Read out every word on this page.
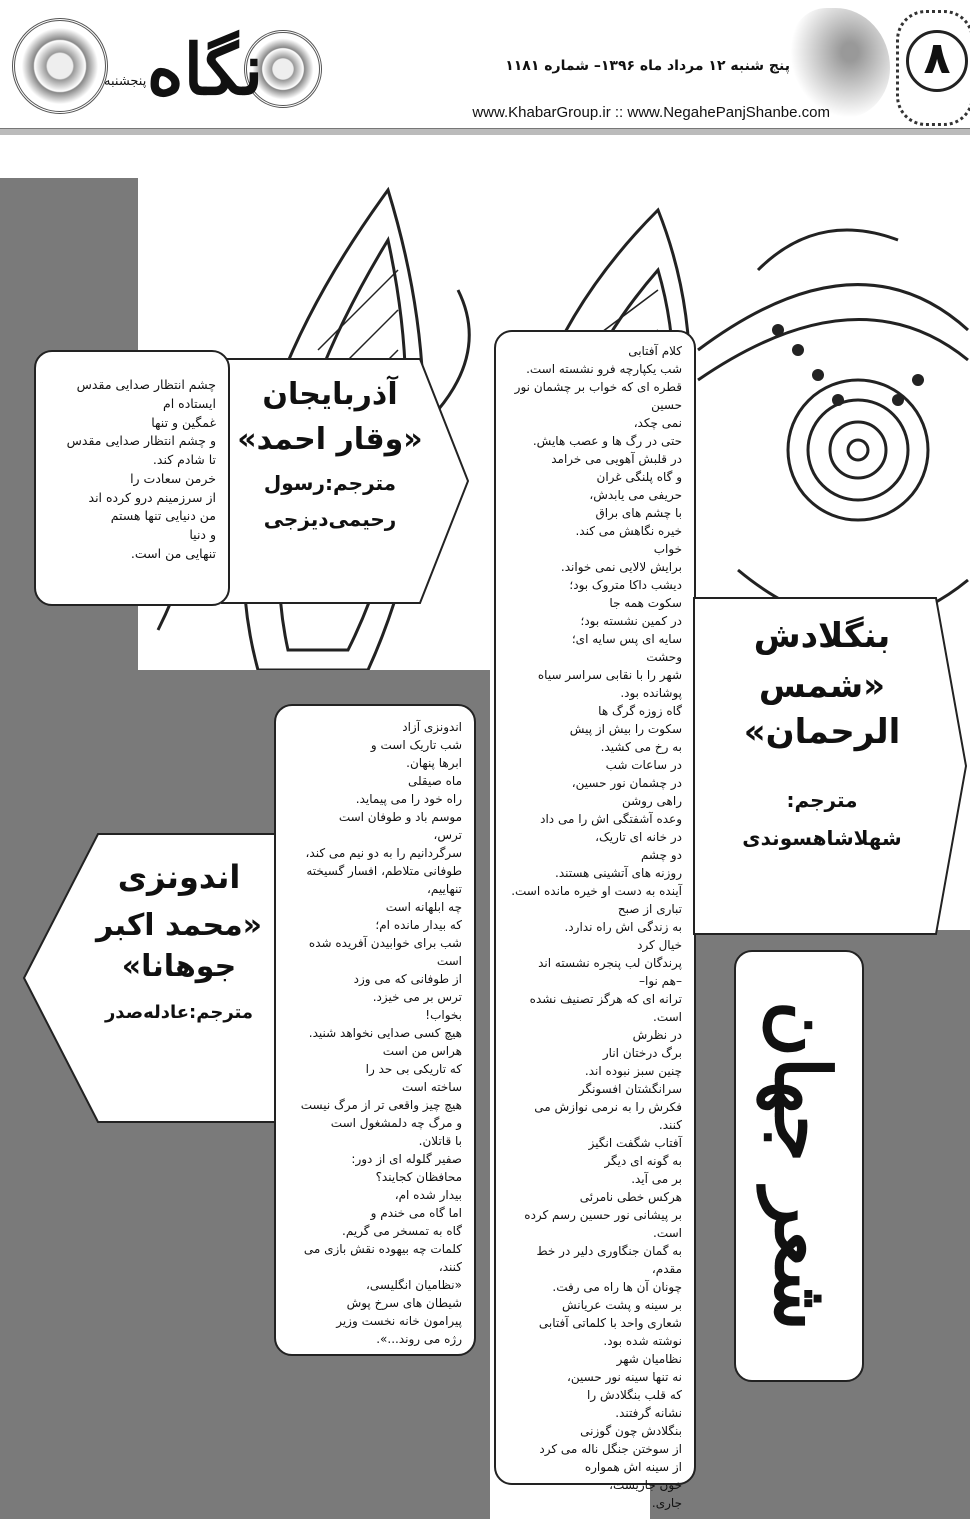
۸
نگاه
پنجشنبه
پنج شنبه ۱۲ مرداد ماه ۱۳۹۶– شماره ۱۱۸۱
www.KhabarGroup.ir :: www.NegahePanjShanbe.com
آذربایجان
«وقار احمد»
مترجم:رسول
رحیمی‌دیزجی

چشم انتظار صدایی مقدس

ایستاده ام

غمگین و تنها

و چشم انتظار صدایی مقدس

تا شادم کند.

خرمن سعادت را

از سرزمینم درو کرده اند

من دنیایی تنها هستم

و دنیا

تنهایی من است.

کلام آفتابی

شب یکپارچه فرو نشسته است.

قطره ای که خواب بر چشمان نور حسین

نمی چکد،

حتی در رگ ها و عصب هایش.

در قلبش آهویی می خرامد

و گاه پلنگی غران

حریفی می یابدش،

با چشم های براق

خیره نگاهش می کند.

خواب

برایش لالایی نمی خواند.

دیشب داکا متروک بود؛

سکوت همه جا

در کمین نشسته بود؛

سایه ای پس سایه ای؛

وحشت

شهر را با نقابی سراسر سیاه

پوشانده بود.

گاه زوزه گرگ ها

سکوت را بیش از پیش

به رخ می کشید.

در ساعات شب

در چشمان نور حسین،

راهی روشن

وعده آشفتگی اش را می داد

در خانه ای تاریک،

دو چشم

روزنه های آتشینی هستند.

آینده به دست او خیره مانده است.

تباری از صبح

به زندگی اش راه ندارد.

خیال کرد

پرندگان لب پنجره نشسته اند

–هم نوا–

ترانه ای که هرگز تصنیف نشده است.

در نظرش

برگ درختان انار

چنین سبز نبوده اند.

سرانگشتان افسونگر

فکرش را به نرمی نوازش می کنند.

آفتاب شگفت انگیز

به گونه ای دیگر

بر می آید.

هرکس خطی نامرئی

بر پیشانی نور حسین رسم کرده است.

به گمان جنگاوری دلیر در خط مقدم،

چونان آن ها راه می رفت.

بر سینه و پشت عریانش

شعاری واحد با کلماتی آفتابی

نوشته شده بود.

نظامیان شهر

نه تنها سینه نور حسین،

که قلب بنگلادش را

نشانه گرفتند.

بنگلادش چون گوزنی

از سوختن جنگل ناله می کرد

از سینه اش همواره

خون جاریست،

جاری.

بنگلادش
«شمس
الرحمان»
مترجم:
شهلاشاهسوندی
شعر جهان
اندونزی
«محمد اکبر
جوهانا»
مترجم:عادله‌صدر

اندونزی آزاد

شب تاریک است و

ابرها پنهان.

ماه صیقلی

راه خود را می پیماید.

موسم باد و طوفان است

ترس،

سرگردانیم را به دو نیم می کند،

طوفانی متلاطم، افسار گسیخته

تنهاییم،

چه ابلهانه است

که بیدار مانده ام؛

شب برای خوابیدن آفریده شده است

از طوفانی که می وزد

ترس بر می خیزد.

بخواب!

هیچ کسی صدایی نخواهد شنید.

هراس من است

که تاریکی بی حد را

ساخته است

هیچ چیز واقعی تر از مرگ نیست

و مرگ چه دلمشغول است

با قاتلان.

صفیر گلوله ای از دور:

محافظان کجایند؟

بیدار شده ام،

اما گاه می خندم و

گاه به تمسخر می گریم.

کلمات چه بیهوده نقش بازی می کنند،

«نظامیان انگلیسی،

شیطان های سرخ پوش

پیرامون خانه نخست وزیر

رژه می روند...».
